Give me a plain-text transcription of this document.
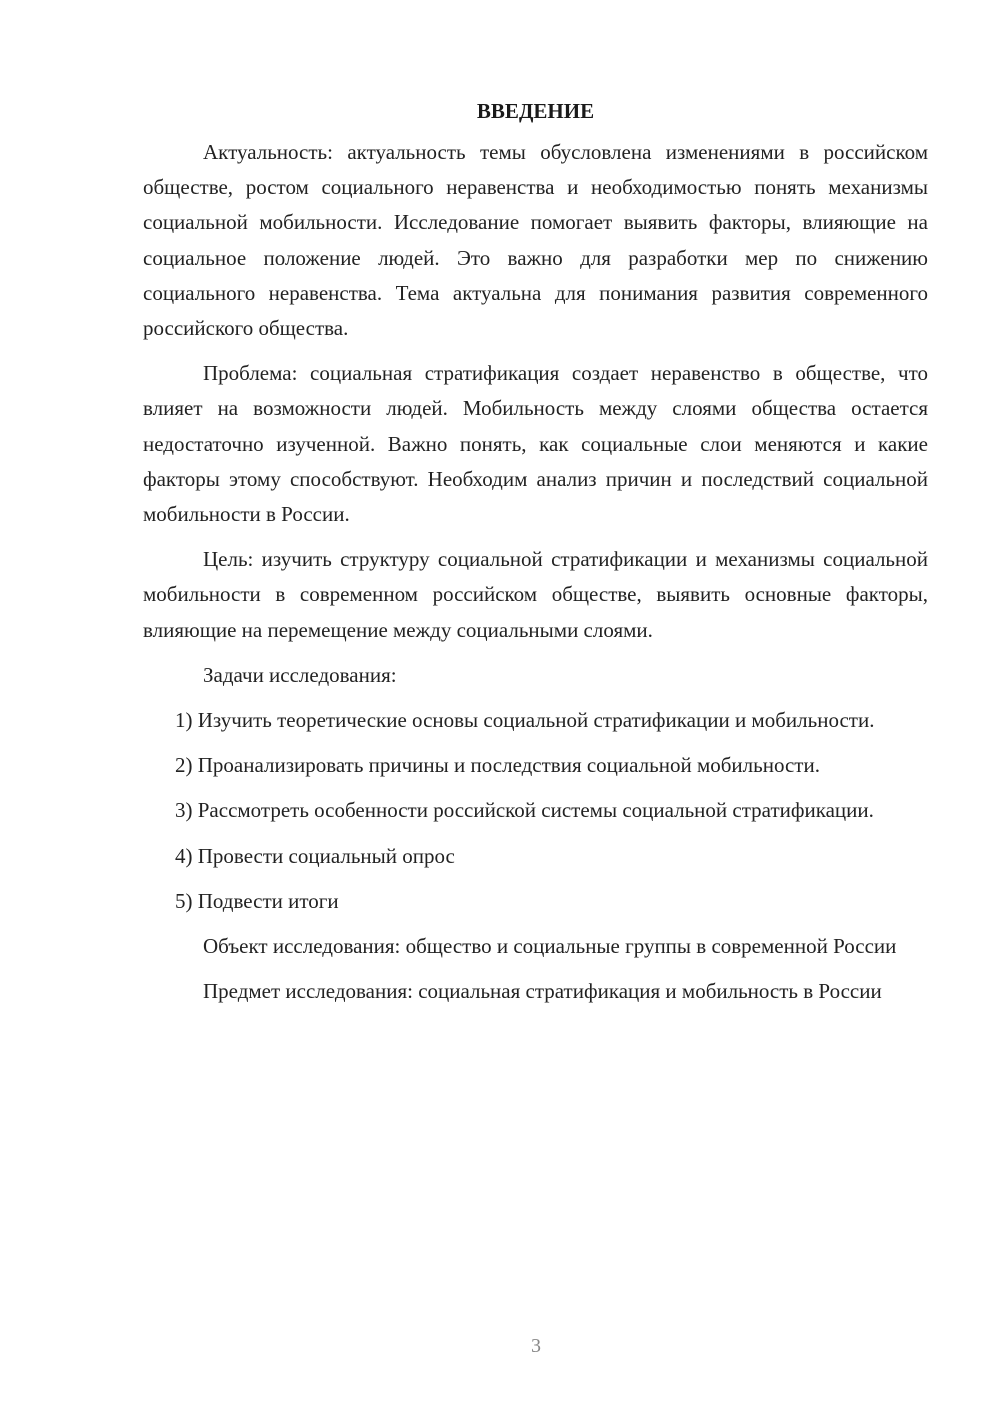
ВВЕДЕНИЕ

Актуальность: актуальность темы обусловлена изменениями в российском обществе, ростом социального неравенства и необходимостью понять механизмы социальной мобильности. Исследование помогает выявить факторы, влияющие на социальное положение людей. Это важно для разработки мер по снижению социального неравенства. Тема актуальна для понимания развития современного российского общества.

Проблема: социальная стратификация создает неравенство в обществе, что влияет на возможности людей. Мобильность между слоями общества остается недостаточно изученной. Важно понять, как социальные слои меняются и какие факторы этому способствуют. Необходим анализ причин и последствий социальной мобильности в России.

Цель: изучить структуру социальной стратификации и механизмы социальной мобильности в современном российском обществе, выявить основные факторы, влияющие на перемещение между социальными слоями.

Задачи исследования:

1) Изучить теоретические основы социальной стратификации и мобильности.

2) Проанализировать причины и последствия социальной мобильности.

3) Рассмотреть особенности российской системы социальной стратификации.

4) Провести социальный опрос

5) Подвести итоги

Объект исследования: общество и социальные группы в современной России

Предмет исследования: социальная стратификация и мобильность в России

3
